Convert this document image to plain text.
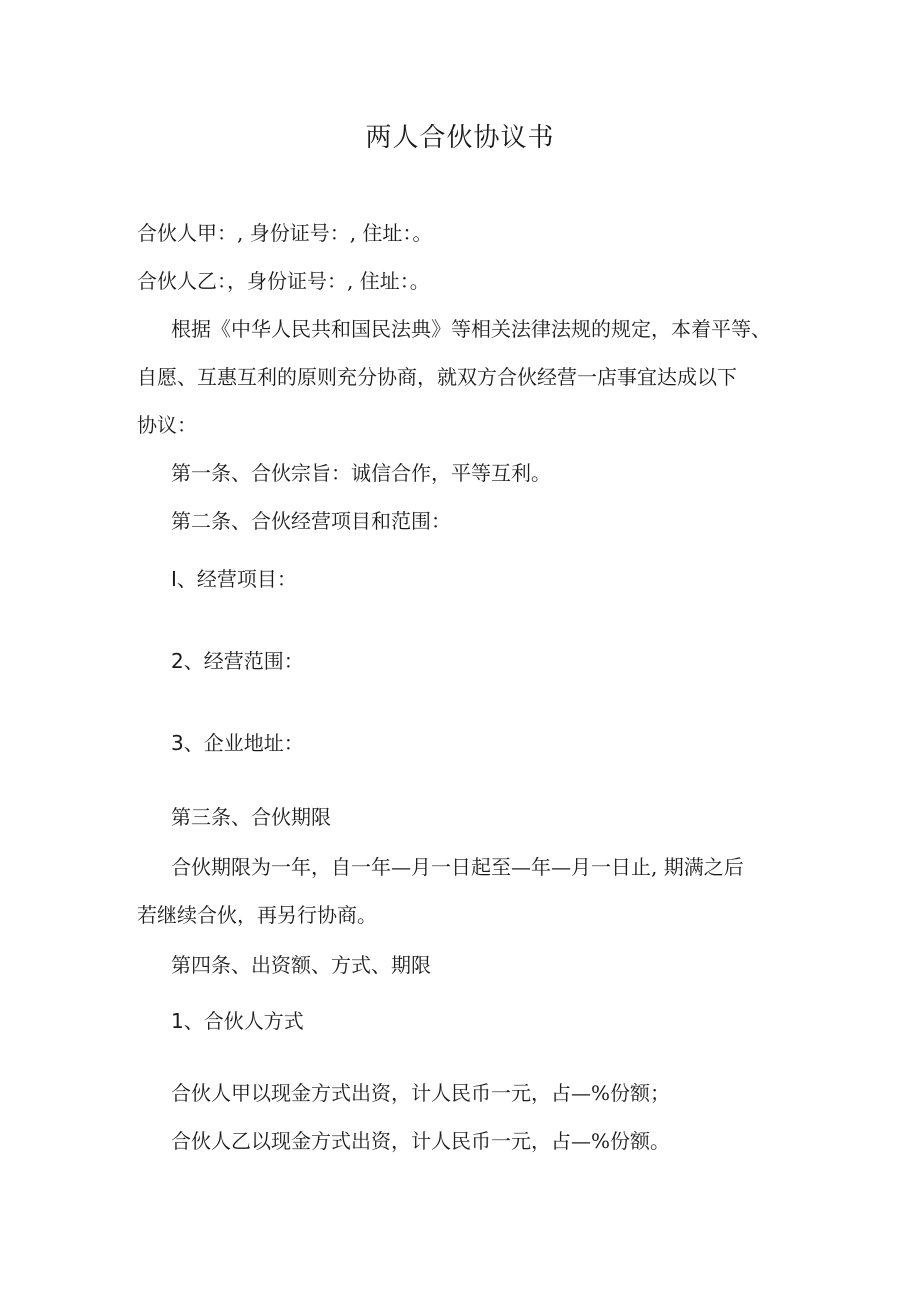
两人合伙协议书
合伙人甲：, 身份证号：, 住址：。
合伙人乙：，身份证号：, 住址：。
根据《中华人民共和国民法典》等相关法律法规的规定，本着平等、
自愿、互惠互利的原则充分协商，就双方合伙经营一店事宜达成以下
协议：
第一条、合伙宗旨：诚信合作，平等互利。
第二条、合伙经营项目和范围：
I、经营项目：
2、经营范围：
3、企业地址：
第三条、合伙期限
合伙期限为一年，自一年—月一日起至—年—月一日止, 期满之后
若继续合伙，再另行协商。
第四条、出资额、方式、期限
1、合伙人方式
合伙人甲以现金方式出资，计人民币一元，占—%份额；
合伙人乙以现金方式出资，计人民币一元，占—%份额。
